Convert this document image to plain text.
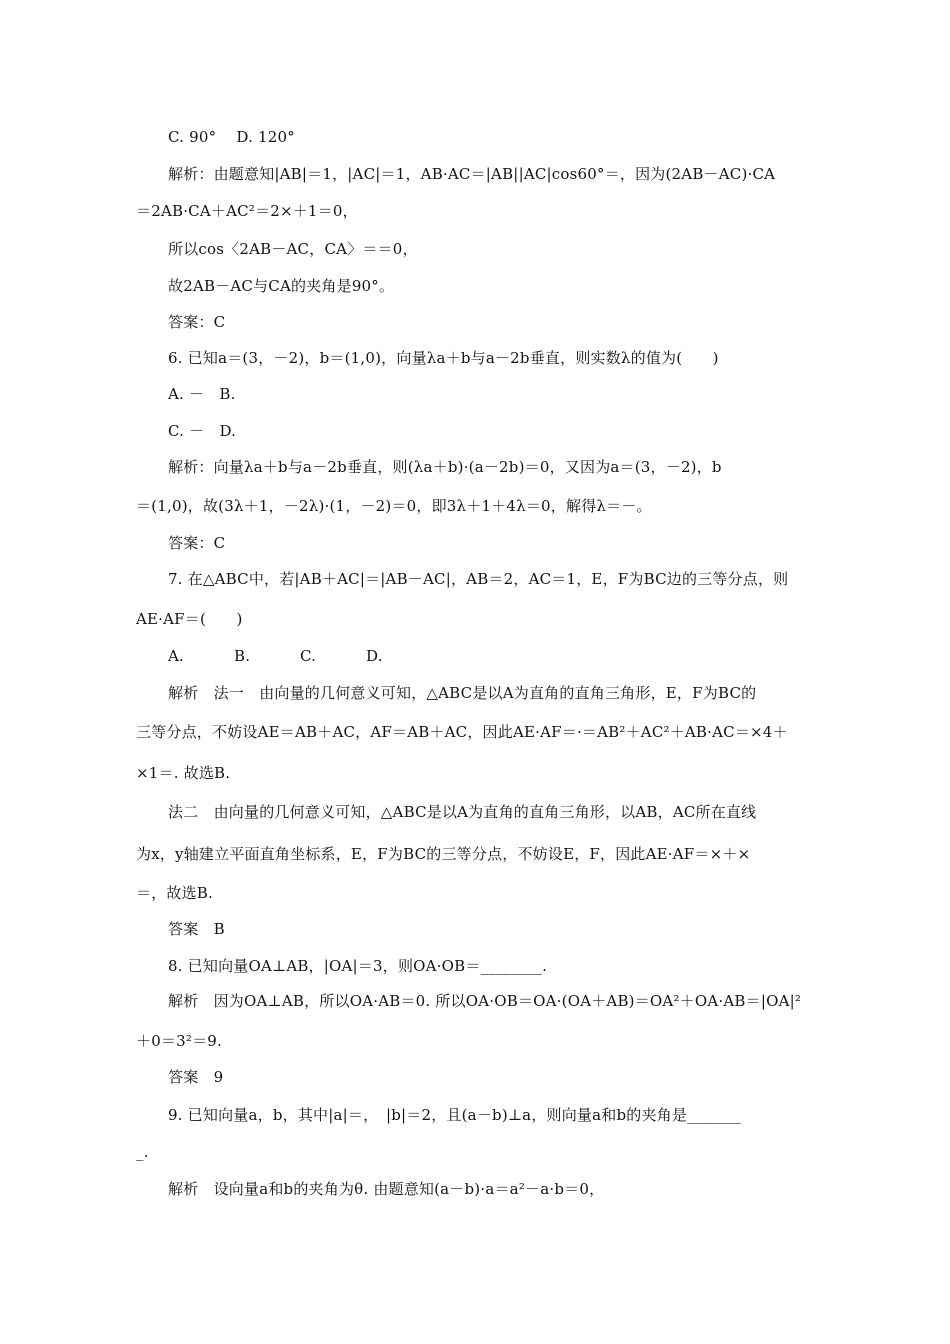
C. 90°　 D. 120°
解析：由题意知|AB|＝1，|AC|＝1，AB·AC＝|AB||AC|cos60°＝，因为(2AB－AC)·CA
＝2AB·CA＋AC²＝2×＋1＝0，
所以cos〈2AB－AC，CA〉＝＝0，
故2AB－AC与CA的夹角是90°。
答案：C
6. 已知a＝(3，－2)，b＝(1,0)，向量λa＋b与a－2b垂直，则实数λ的值为(　　)
A. －　B.
C. －　D.
解析：向量λa＋b与a－2b垂直，则(λa＋b)·(a－2b)＝0，又因为a＝(3，－2)，b
＝(1,0)，故(3λ＋1，－2λ)·(1，－2)＝0，即3λ＋1＋4λ＝0，解得λ＝－。
答案：C
7. 在△ABC中，若|AB＋AC|＝|AB－AC|，AB＝2，AC＝1，E，F为BC边的三等分点，则
AE·AF＝(　　)
A.	B.	C.	D.
解析　法一　由向量的几何意义可知，△ABC是以A为直角的直角三角形，E，F为BC的
三等分点，不妨设AE＝AB＋AC，AF＝AB＋AC，因此AE·AF＝·＝AB²＋AC²＋AB·AC＝×4＋
×1＝. 故选B.
法二　由向量的几何意义可知，△ABC是以A为直角的直角三角形，以AB，AC所在直线
为x，y轴建立平面直角坐标系，E，F为BC的三等分点，不妨设E，F，因此AE·AF＝×＋×
＝，故选B.
答案　B
8. 已知向量OA⊥AB，|OA|＝3，则OA·OB＝________.
解析　因为OA⊥AB，所以OA·AB＝0. 所以OA·OB＝OA·(OA＋AB)＝OA²＋OA·AB＝|OA|²
＋0＝3²＝9.
答案　9
9. 已知向量a，b，其中|a|＝，　|b|＝2，且(a－b)⊥a，则向量a和b的夹角是_______
_.
解析　设向量a和b的夹角为θ. 由题意知(a－b)·a＝a²－a·b＝0，
